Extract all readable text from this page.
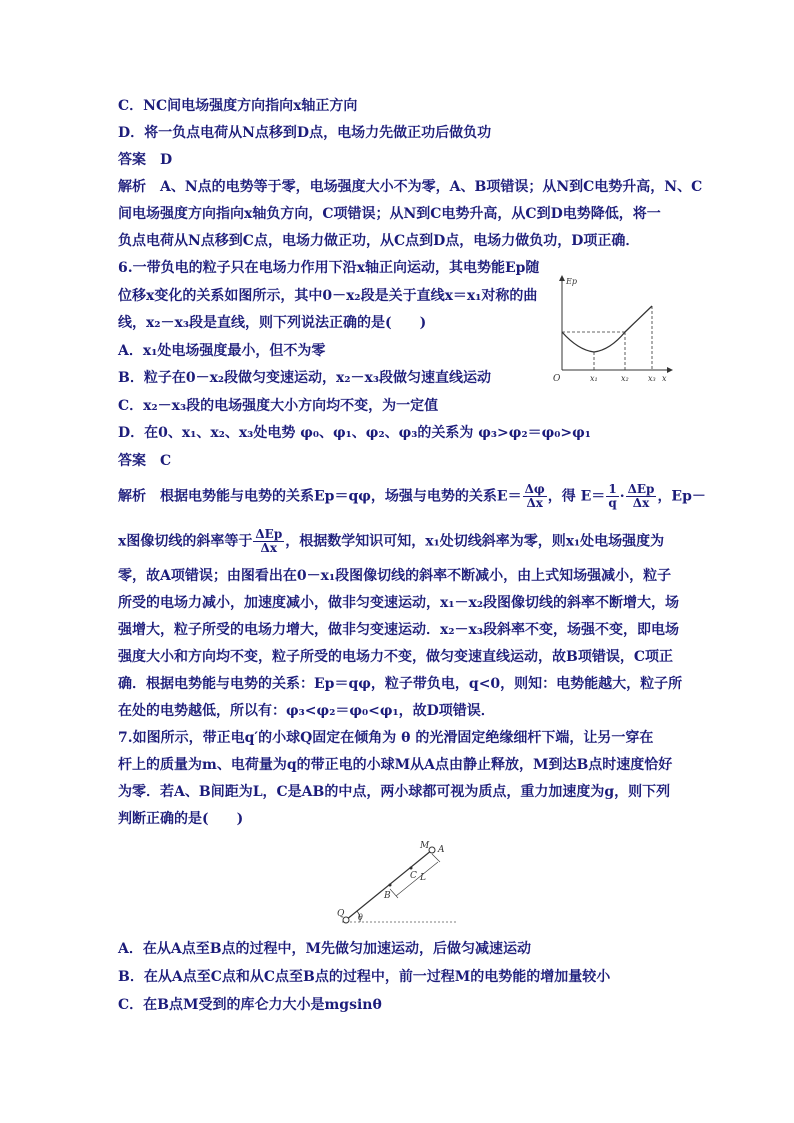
C．NC间电场强度方向指向x轴正方向
D．将一负点电荷从N点移到D点，电场力先做正功后做负功
答案　D
解析　A、N点的电势等于零，电场强度大小不为零，A、B项错误；从N到C电势升高，N、C
间电场强度方向指向x轴负方向，C项错误；从N到C电势升高，从C到D电势降低，将一
负点电荷从N点移到C点，电场力做正功，从C点到D点，电场力做负功，D项正确．
6.一带负电的粒子只在电场力作用下沿x轴正向运动，其电势能Ep随
位移x变化的关系如图所示，其中0－x₂段是关于直线x＝x₁对称的曲
线，x₂－x₃段是直线，则下列说法正确的是(　　)
A．x₁处电场强度最小，但不为零
B．粒子在0－x₂段做匀变速运动，x₂－x₃段做匀速直线运动
C．x₂－x₃段的电场强度大小方向均不变，为一定值
D．在0、x₁、x₂、x₃处电势 φ₀、φ₁、φ₂、φ₃的关系为 φ₃>φ₂＝φ₀>φ₁
答案　C
Ep
O	x₁	x₂ x₃ x
解析　根据电势能与电势的关系Ep＝qφ，场强与电势的关系$E= \frac{\Delta\varphi}{\Delta x}$ ，得 $E= \frac{1}{q} \cdot \frac{\text{ΔEp}}{\Delta x}$ ，Ep－
x图像切线的斜率等于 $\frac{\text{ΔEp}}{\Delta x}$ ，根据数学知识可知，x₁处切线斜率为零，则x₁处电场强度为
零，故A项错误；由图看出在0－x₁段图像切线的斜率不断减小，由上式知场强减小，粒子
所受的电场力减小，加速度减小，做非匀变速运动，x₁－x₂段图像切线的斜率不断增大，场
强增大，粒子所受的电场力增大，做非匀变速运动．x₂－x₃段斜率不变，场强不变，即电场
强度大小和方向均不变，粒子所受的电场力不变，做匀变速直线运动，故B项错误，C项正
确．根据电势能与电势的关系：Ep＝qφ，粒子带负电，q<0，则知：电势能越大，粒子所
在处的电势越低，所以有：φ₃<φ₂＝φ₀<φ₁，故D项错误．
7.如图所示，带正电q′的小球Q固定在倾角为 θ 的光滑固定绝缘细杆下端，让另一穿在
杆上的质量为m、电荷量为q的带正电的小球M从A点由静止释放，M到达B点时速度恰好
为零．若A、B间距为L，C是AB的中点，两小球都可视为质点，重力加速度为g，则下列
判断正确的是(　　)
M A
C L
B
Q θ
A．在从A点至B点的过程中，M先做匀加速运动，后做匀减速运动
B．在从A点至C点和从C点至B点的过程中，前一过程M的电势能的增加量较小
C．在B点M受到的库仑力大小是mgsinθ
